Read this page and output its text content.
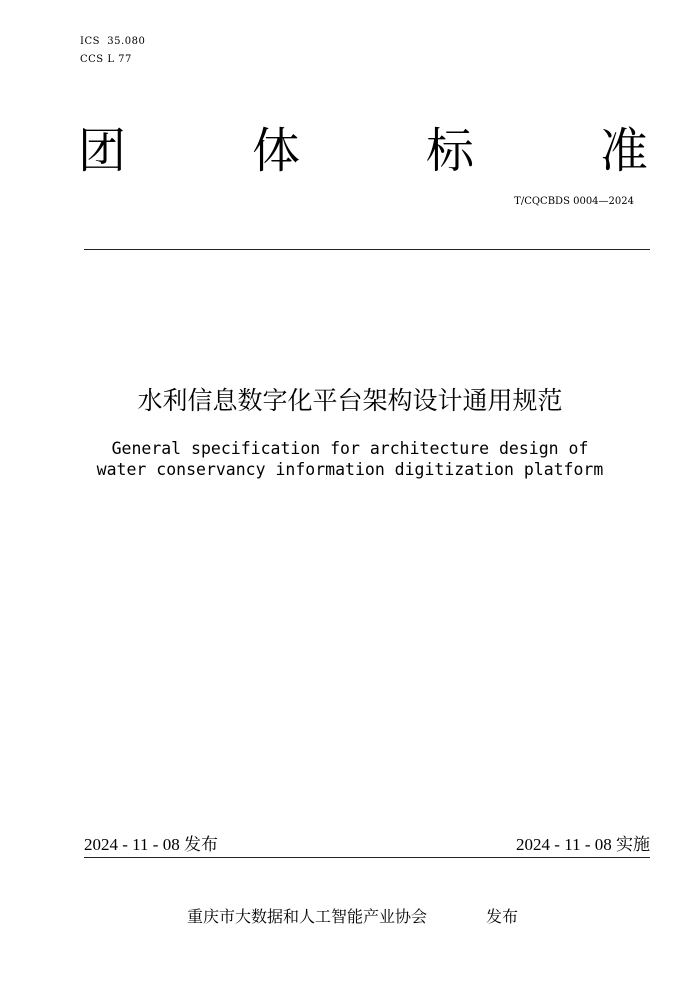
ICS  35.080
CCS L 77
团	体	标	准
T/CQCBDS 0004—2024
水利信息数字化平台架构设计通用规范
General specification for architecture design of
water conservancy information digitization platform
2024 - 11 - 08 发布	2024 - 11 - 08 实施
重庆市大数据和人工智能产业协会	发布
